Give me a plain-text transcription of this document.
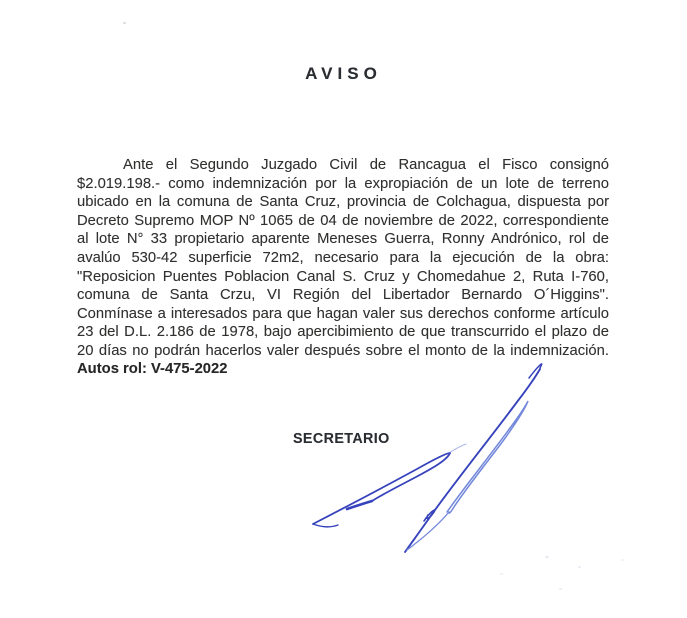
AVISO
Ante el Segundo Juzgado Civil de Rancagua el Fisco consignó
$2.019.198.- como indemnización por la expropiación de un lote de terreno
ubicado en la comuna de Santa Cruz, provincia de Colchagua, dispuesta por
Decreto Supremo MOP Nº 1065 de 04 de noviembre de 2022, correspondiente
al lote N° 33 propietario aparente Meneses Guerra, Ronny Andrónico, rol de
avalúo 530-42 superficie 72m2, necesario para la ejecución de la obra:
"Reposicion Puentes Poblacion Canal S. Cruz y Chomedahue 2, Ruta I-760,
comuna de Santa Crzu, VI Región del Libertador Bernardo O´Higgins".
Conmínase a interesados para que hagan valer sus derechos conforme artículo
23 del D.L. 2.186 de 1978, bajo apercibimiento de que transcurrido el plazo de
20 días no podrán hacerlos valer después sobre el monto de la indemnización.
Autos rol: V-475-2022
SECRETARIO
